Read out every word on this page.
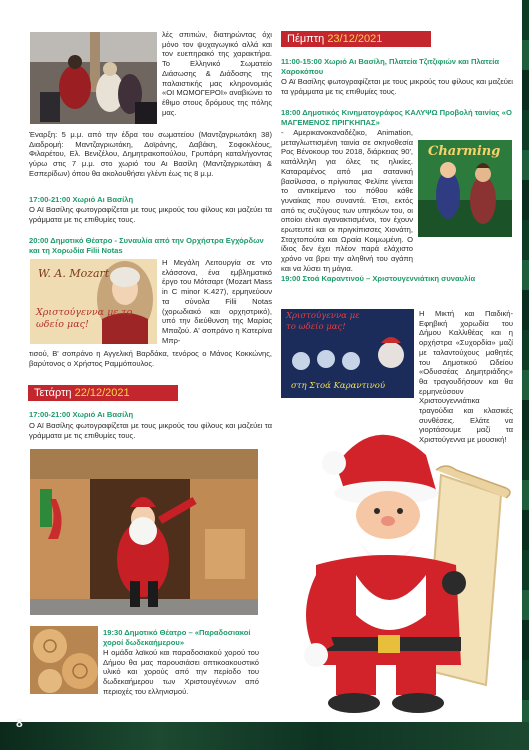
λές σπιτιών, διατηρώντας όχι μόνο τον ψυχαγωγικό αλλά και τον ευεπηρακό της χαρακτήρα. Το Ελληνικό Σωματείο Διάσωσης & Διάδοσης της παλαιστικής μας κληρονομιάς «ΟΙ ΜΩΜΟΓΕΡΟΙ» αναβιώνει το έθιμο στους δρόμους της πόλης μας.
Έναρξη: 5 μ.μ. από την έδρα του σωματείου (Μαντζαγριωτάκη 38) Διαδρομή: Μαντζαγριωτάκη, Δοϊράνης, Δαβάκη, Σοφοκλέους, Φιλαρέτου, Ελ. Βενιζέλου, Δημητρακοπούλου, Γρυπάρη καταλήγοντας γύρω στις 7 μ.μ. στο χωριό του Αι Βασίλη (Μαντζαγριωτάκη & Εσπερίδων) όπου θα ακολουθήσει γλέντι έως τις 8 μ.μ.
17:00-21:00 Χωριό Αι Βασίλη
Ο Αϊ Βασίλης φωτογραφίζεται με τους μικρούς του φίλους και μαζεύει τα γράμματα με τις επιθυμίες τους.
20:00 Δημοτικό Θέατρο - Συναυλία από την Ορχήστρα Εγχόρδων και τη Χορωδία Filii Notas
W. A. Mozart
Χριστούγεννα με το ωδείο μας!
Η Μεγάλη Λειτουργία σε ντο ελάσσονα, ένα εμβληματικό έργο του Μότσαρτ (Mozart Mass in C minor K.427), ερμηνεύουν τα σύνολα Filii Notas (χορωδιακό και ορχηστρικό), υπό την διεύθυνση της Μαρίας Μπαζού. Α' σοπράνο η Κατερίνα Μπρ-
τισού, Β' σοπράνο η Αγγελική Βαρδάκα, τενόρος ο Μάνος Κοκκώνης, βαρύτονος ο Χρήστος Ραμμόπουλος.
Τετάρτη 22/12/2021
17:00-21:00 Χωριό Αι Βασίλη
Ο Αϊ Βασίλης φωτογραφίζεται με τους μικρούς του φίλους και μαζεύει τα γράμματα με τις επιθυμίες τους.
19:30 Δημοτικό Θέατρο – «Παραδοσιακοί χοροί δωδεκαήμερου»
Η ομάδα λαϊκού και παραδοσιακού χορού του Δήμου θα μας παρουσιάσει οπτικοακουστικό υλικό και χορούς από την περίοδο του δωδεκαήμερου των Χριστουγέννων από περιοχές του ελληνισμού.
Πέμπτη 23/12/2021
11:00-15:00 Χωριό Αι Βασίλη, Πλατεία Τζιτζιφιών και Πλατεία Χαροκόπου
Ο Αϊ Βασίλης φωτογραφίζεται με τους μικρούς του φίλους και μαζεύει τα γράμματα με τις επιθυμίες τους.
18:00 Δημοτικός Κινηματογράφος ΚΑΛΥΨΩ Προβολή ταινίας «Ο ΜΑΓΕΜΕΝΟΣ ΠΡΙΓΚΗΠΑΣ»
- Αμερικανοκαναδέζικο, Animation, μεταγλωττισμένη ταινία σε σκηνοθεσία Ρος Βένοκουρ του 2018, διάρκειας 90', κατάλληλη για όλες τις ηλικίες. Καταραμένος από μια σατανική βασίλισσα, ο πρίγκιπας Φελίπε γίνεται το αντικείμενο του πόθου κάθε γυναίκας που συναντά. Έτσι, εκτός από τις συζύγους των υπηκόων του, οι οποίοι είναι αγανακτισμένοι, τον έχουν ερωτευτεί και οι πριγκίπισσες Χιονάτη, Σταχτοπούτα και Ωραία Κοιμωμένη. Ο ίδιος δεν έχει πλέον παρά ελάχιστο χρόνο να βρει την αληθινή του αγάπη και να λύσει τη μάγια.
Charming
19:00 Στοά Καραντινού – Χριστουγεννιάτικη συναυλία
Χριστούγεννα με το ωδείο μας!
στη Στοά Καραντινού
Η Μικτή και Παιδική-Εφηβική χορωδία του Δήμου Καλλιθέας και η ορχήστρα «Συχορδία» μαζί με ταλαντούχους μαθητές του Δημοτικού Ωδείου «Οδυσσέας Δημητριάδης» θα τραγουδήσουν και θα ερμηνεύσουν Χριστουγεννιάτικα τραγούδια και κλασικές συνθέσεις. Ελάτε να γιορτάσουμε μαζί τα Χριστούγεννα με μουσική!
8
